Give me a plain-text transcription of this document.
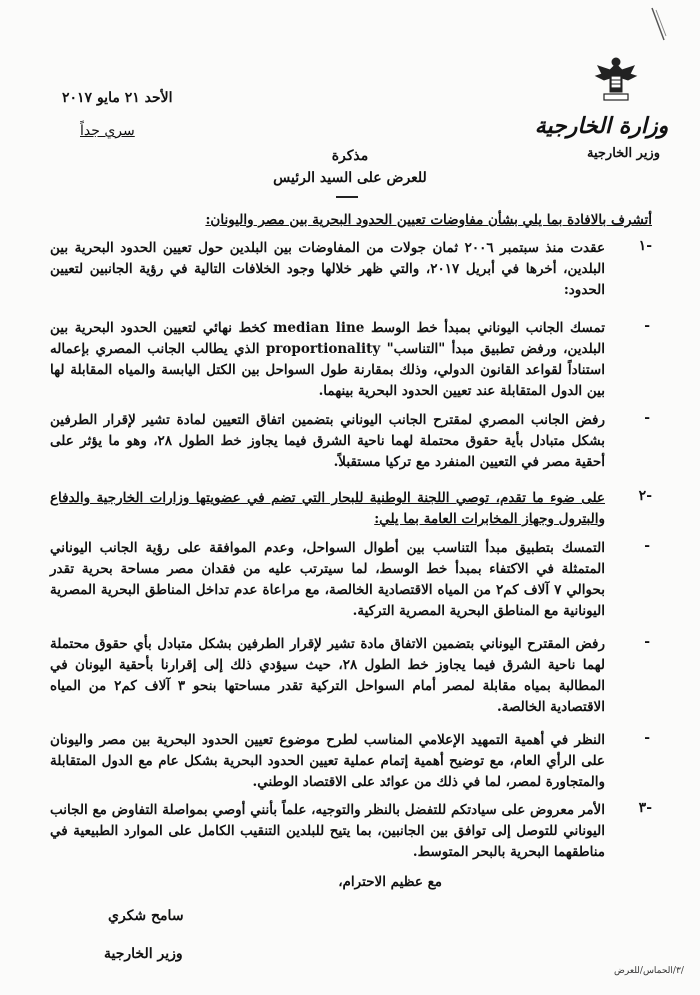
الأحد ٢١ مايو ٢٠١٧
سري جداً	وزارة الخارجية
وزير الخارجية
مذكرة
للعرض على السيد الرئيس
أتشرف بالافادة بما يلي بشأن مفاوضات تعيين الحدود البحرية بين مصر واليونان:
١-
عقدت منذ سبتمبر ٢٠٠٦ ثمان جولات من المفاوضات بين البلدين حول تعيين الحدود البحرية بين البلدين، أخرها في أبريل ٢٠١٧، والتي ظهر خلالها وجود الخلافات التالية في رؤية الجانبين لتعيين الحدود:
-
تمسك الجانب اليوناني بمبدأ خط الوسط median line كخط نهائي لتعيين الحدود البحرية بين البلدين، ورفض تطبيق مبدأ "التناسب" proportionality الذي يطالب الجانب المصري بإعماله استناداً لقواعد القانون الدولي، وذلك بمقارنة طول السواحل بين الكتل اليابسة والمياه المقابلة لها بين الدول المتقابلة عند تعيين الحدود البحرية بينهما.
-
رفض الجانب المصري لمقترح الجانب اليوناني بتضمين اتفاق التعيين لمادة تشير لإقرار الطرفين بشكل متبادل بأية حقوق محتملة لهما ناحية الشرق فيما يجاوز خط الطول ٢٨، وهو ما يؤثر على أحقية مصر في التعيين المنفرد مع تركيا مستقبلاً.
٢-
على ضوء ما تقدم، توصي اللجنة الوطنية للبحار التي تضم في عضويتها وزارات الخارجية والدفاع والبترول وجهاز المخابرات العامة بما يلي:
-
التمسك بتطبيق مبدأ التناسب بين أطوال السواحل، وعدم الموافقة على رؤية الجانب اليوناني المتمثلة في الاكتفاء بمبدأ خط الوسط، لما سيترتب عليه من فقدان مصر مساحة بحرية تقدر بحوالي ٧ آلاف كم٢ من المياه الاقتصادية الخالصة، مع مراعاة عدم تداخل المناطق البحرية المصرية اليونانية مع المناطق البحرية المصرية التركية.
-
رفض المقترح اليوناني بتضمين الاتفاق مادة تشير لإقرار الطرفين بشكل متبادل بأي حقوق محتملة لهما ناحية الشرق فيما يجاوز خط الطول ٢٨، حيث سيؤدي ذلك إلى إقرارنا بأحقية اليونان في المطالبة بمياه مقابلة لمصر أمام السواحل التركية تقدر مساحتها بنحو ٣ آلاف كم٢ من المياه الاقتصادية الخالصة.
-
النظر في أهمية التمهيد الإعلامي المناسب لطرح موضوع تعيين الحدود البحرية بين مصر واليونان على الرأي العام، مع توضيح أهمية إتمام عملية تعيين الحدود البحرية بشكل عام مع الدول المتقابلة والمتجاورة لمصر، لما في ذلك من عوائد على الاقتصاد الوطني.
٣-
الأمر معروض على سيادتكم للتفضل بالنظر والتوجيه، علماً بأنني أوصي بمواصلة التفاوض مع الجانب اليوناني للتوصل إلى توافق بين الجانبين، بما يتيح للبلدين التنقيب الكامل على الموارد الطبيعية في مناطقهما البحرية بالبحر المتوسط.
مع عظيم الاحترام،
سامح شكري
وزير الخارجية
/٣/الحماس/للعرض
